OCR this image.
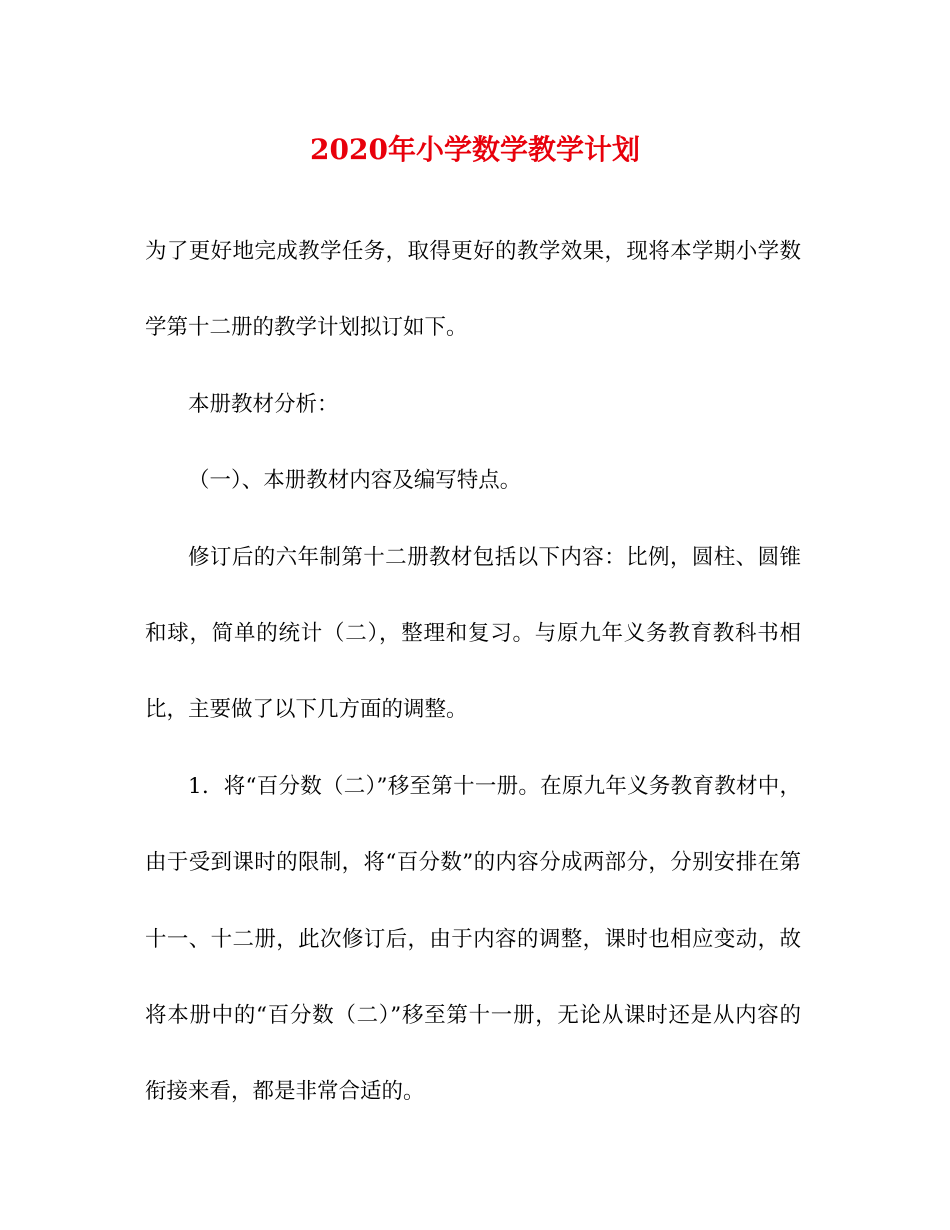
2020年小学数学教学计划

为了更好地完成教学任务，取得更好的教学效果，现将本学期小学数学第十二册的教学计划拟订如下。

本册教材分析：

（一）、本册教材内容及编写特点。

修订后的六年制第十二册教材包括以下内容：比例，圆柱、圆锥和球，简单的统计（二），整理和复习。与原九年义务教育教科书相比，主要做了以下几方面的调整。

1．将“百分数（二）”移至第十一册。在原九年义务教育教材中，由于受到课时的限制，将“百分数”的内容分成两部分，分别安排在第十一、十二册，此次修订后，由于内容的调整，课时也相应变动，故将本册中的“百分数（二）”移至第十一册，无论从课时还是从内容的衔接来看，都是非常合适的。
